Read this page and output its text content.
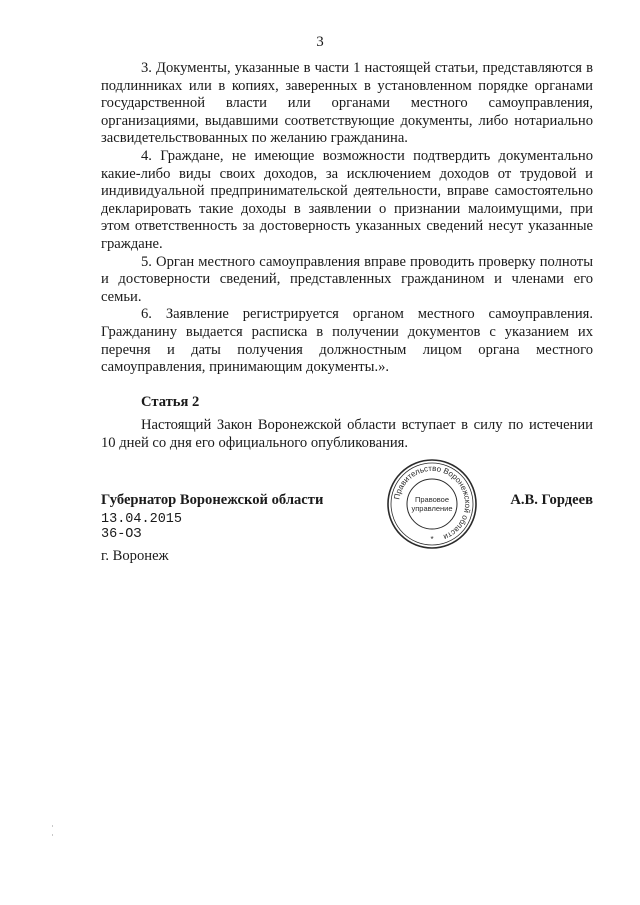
3

3. Документы, указанные в части 1 настоящей статьи, представляются в подлинниках или в копиях, заверенных в установленном порядке органами государственной власти или органами местного самоуправления, организациями, выдавшими соответствующие документы, либо нотариально засвидетельствованных по желанию гражданина.

4. Граждане, не имеющие возможности подтвердить документально какие-либо виды своих доходов, за исключением доходов от трудовой и индивидуальной предпринимательской деятельности, вправе самостоятельно декларировать такие доходы в заявлении о признании малоимущими, при этом ответственность за достоверность указанных сведений несут указанные граждане.

5. Орган местного самоуправления вправе проводить проверку полноты и достоверности сведений, представленных гражданином и членами его семьи.

6. Заявление регистрируется органом местного самоуправления. Гражданину выдается расписка в получении документов с указанием их перечня и даты получения должностным лицом органа местного самоуправления, принимающим документы.».

Статья 2

Настоящий Закон Воронежской области вступает в силу по истечении 10 дней со дня его официального опубликования.

Губернатор Воронежской области	А.В. Гордеев
Правительство Воронежской области
Правовое
управление
*
13.04.2015
36-ОЗ
г. Воронеж
